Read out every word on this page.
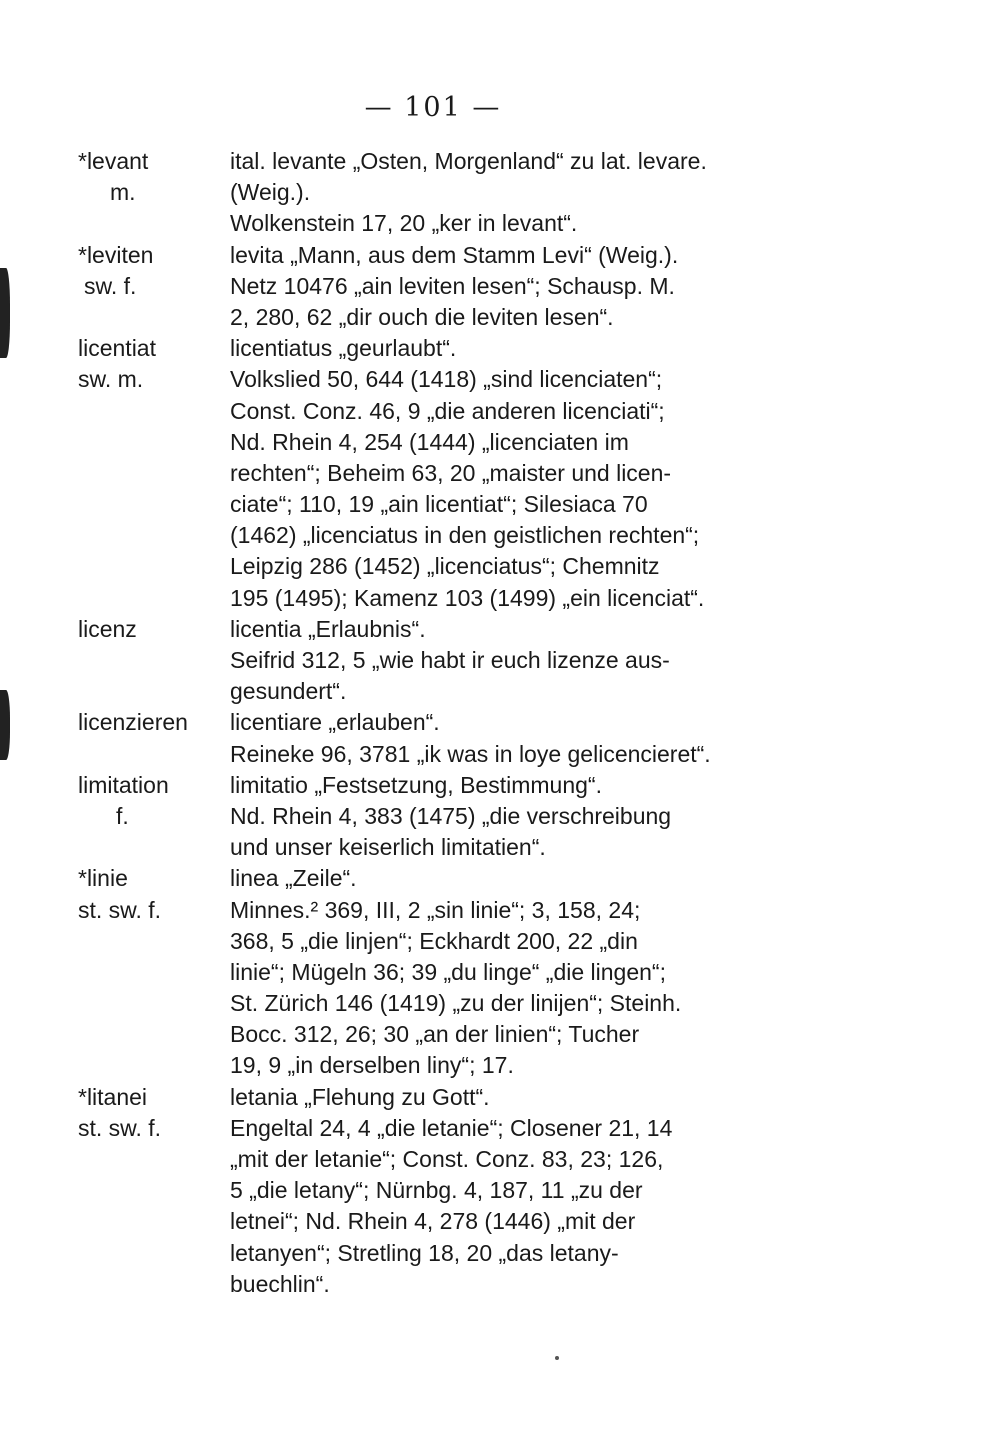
— 101 —
*levant
m.
ital. levante „Osten, Morgenland“ zu lat. levare.
(Weig.).
Wolkenstein 17, 20 „ker in levant“.
*leviten
sw. f.
levita „Mann, aus dem Stamm Levi“ (Weig.).
Netz 10476 „ain leviten lesen“; Schausp. M.
2, 280, 62 „dir ouch die leviten lesen“.
licentiat
sw. m.
licentiatus „geurlaubt“.
Volkslied 50, 644 (1418) „sind licenciaten“;
Const. Conz. 46, 9 „die anderen licenciati“;
Nd. Rhein 4, 254 (1444) „licenciaten im
rechten“; Beheim 63, 20 „maister und licen-
ciate“; 110, 19 „ain licentiat“; Silesiaca 70
(1462) „licenciatus in den geistlichen rechten“;
Leipzig 286 (1452) „licenciatus“; Chemnitz
195 (1495); Kamenz 103 (1499) „ein licenciat“.
licenz	licentia „Erlaubnis“.
Seifrid 312, 5 „wie habt ir euch lizenze aus-
gesundert“.
licenzieren	licentiare „erlauben“.
Reineke 96, 3781 „ik was in loye gelicencieret“.
limitation
f.
limitatio „Festsetzung, Bestimmung“.
Nd. Rhein 4, 383 (1475) „die verschreibung
und unser keiserlich limitatien“.
*linie
st. sw. f.
linea „Zeile“.
Minnes.² 369, III, 2 „sin linie“; 3, 158, 24;
368, 5 „die linjen“; Eckhardt 200, 22 „din
linie“; Mügeln 36; 39 „du linge“ „die lingen“;
St. Zürich 146 (1419) „zu der linijen“; Steinh.
Bocc. 312, 26; 30 „an der linien“; Tucher
19, 9 „in derselben liny“; 17.
*litanei
st. sw. f.
letania „Flehung zu Gott“.
Engeltal 24, 4 „die letanie“; Closener 21, 14
„mit der letanie“; Const. Conz. 83, 23; 126,
5 „die letany“; Nürnbg. 4, 187, 11 „zu der
letnei“; Nd. Rhein 4, 278 (1446) „mit der
letanyen“; Stretling 18, 20 „das letany-
buechlin“.
